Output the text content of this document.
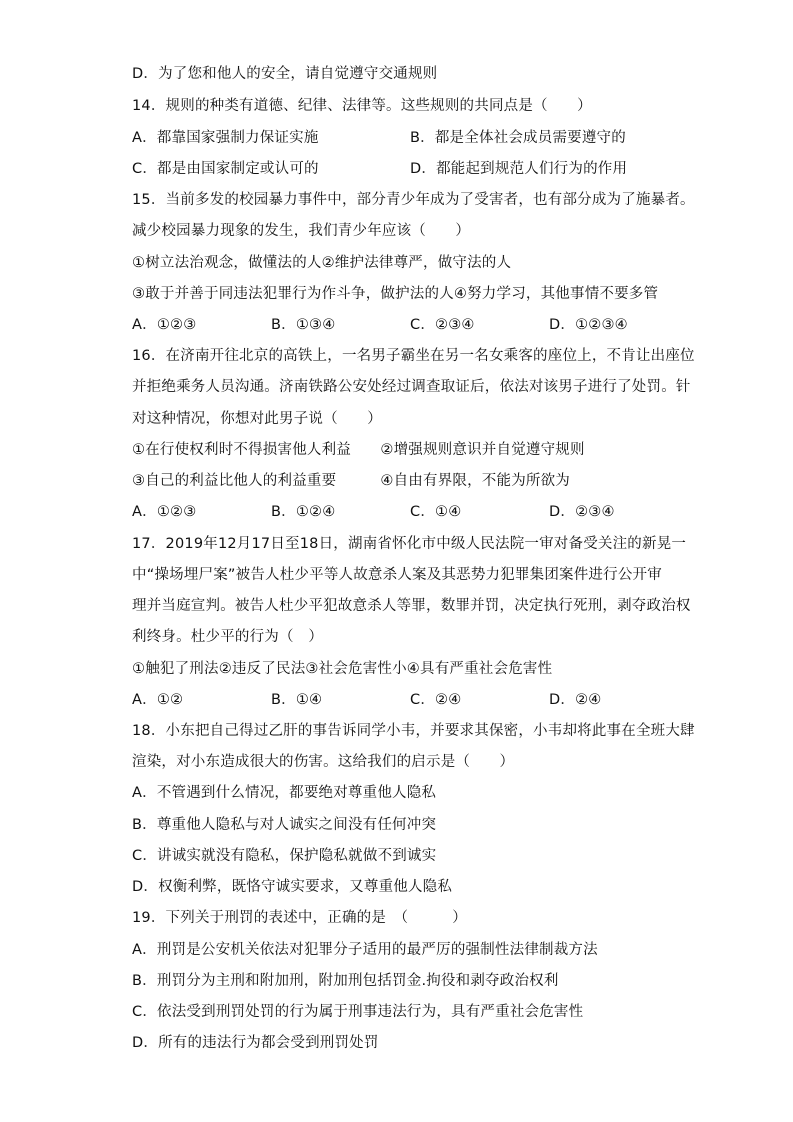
D．为了您和他人的安全，请自觉遵守交通规则
14．规则的种类有道德、纪律、法律等。这些规则的共同点是（　　）
A．都靠国家强制力保证实施	B．都是全体社会成员需要遵守的
C．都是由国家制定或认可的	D．都能起到规范人们行为的作用
15．当前多发的校园暴力事件中，部分青少年成为了受害者，也有部分成为了施暴者。
减少校园暴力现象的发生，我们青少年应该（　　）
①树立法治观念，做懂法的人②维护法律尊严，做守法的人
③敢于并善于同违法犯罪行为作斗争，做护法的人④努力学习，其他事情不要多管
A．①②③	B．①③④	C．②③④	D．①②③④
16．在济南开往北京的高铁上，一名男子霸坐在另一名女乘客的座位上，不肯让出座位
并拒绝乘务人员沟通。济南铁路公安处经过调查取证后，依法对该男子进行了处罚。针
对这种情况，你想对此男子说（　　）
①在行使权利时不得损害他人利益　　②增强规则意识并自觉遵守规则
③自己的利益比他人的利益重要　　　④自由有界限，不能为所欲为
A．①②③	B．①②④	C．①④	D．②③④
17．2019年12月17日至18日，湖南省怀化市中级人民法院一审对备受关注的新晃一
中“操场埋尸案”被告人杜少平等人故意杀人案及其恶势力犯罪集团案件进行公开审
理并当庭宣判。被告人杜少平犯故意杀人等罪，数罪并罚，决定执行死刑，剥夺政治权
利终身。杜少平的行为（　）
①触犯了刑法②违反了民法③社会危害性小④具有严重社会危害性
A．①②	B．①④	C．②④	D．②④
18．小东把自己得过乙肝的事告诉同学小韦，并要求其保密，小韦却将此事在全班大肆
渲染，对小东造成很大的伤害。这给我们的启示是（　　）
A．不管遇到什么情况，都要绝对尊重他人隐私
B．尊重他人隐私与对人诚实之间没有任何冲突
C．讲诚实就没有隐私，保护隐私就做不到诚实
D．权衡利弊，既恪守诚实要求，又尊重他人隐私
19．下列关于刑罚的表述中，正确的是　（　　　）
A．刑罚是公安机关依法对犯罪分子适用的最严厉的强制性法律制裁方法
B．刑罚分为主刑和附加刑，附加刑包括罚金.拘役和剥夺政治权利
C．依法受到刑罚处罚的行为属于刑事违法行为，具有严重社会危害性
D．所有的违法行为都会受到刑罚处罚
